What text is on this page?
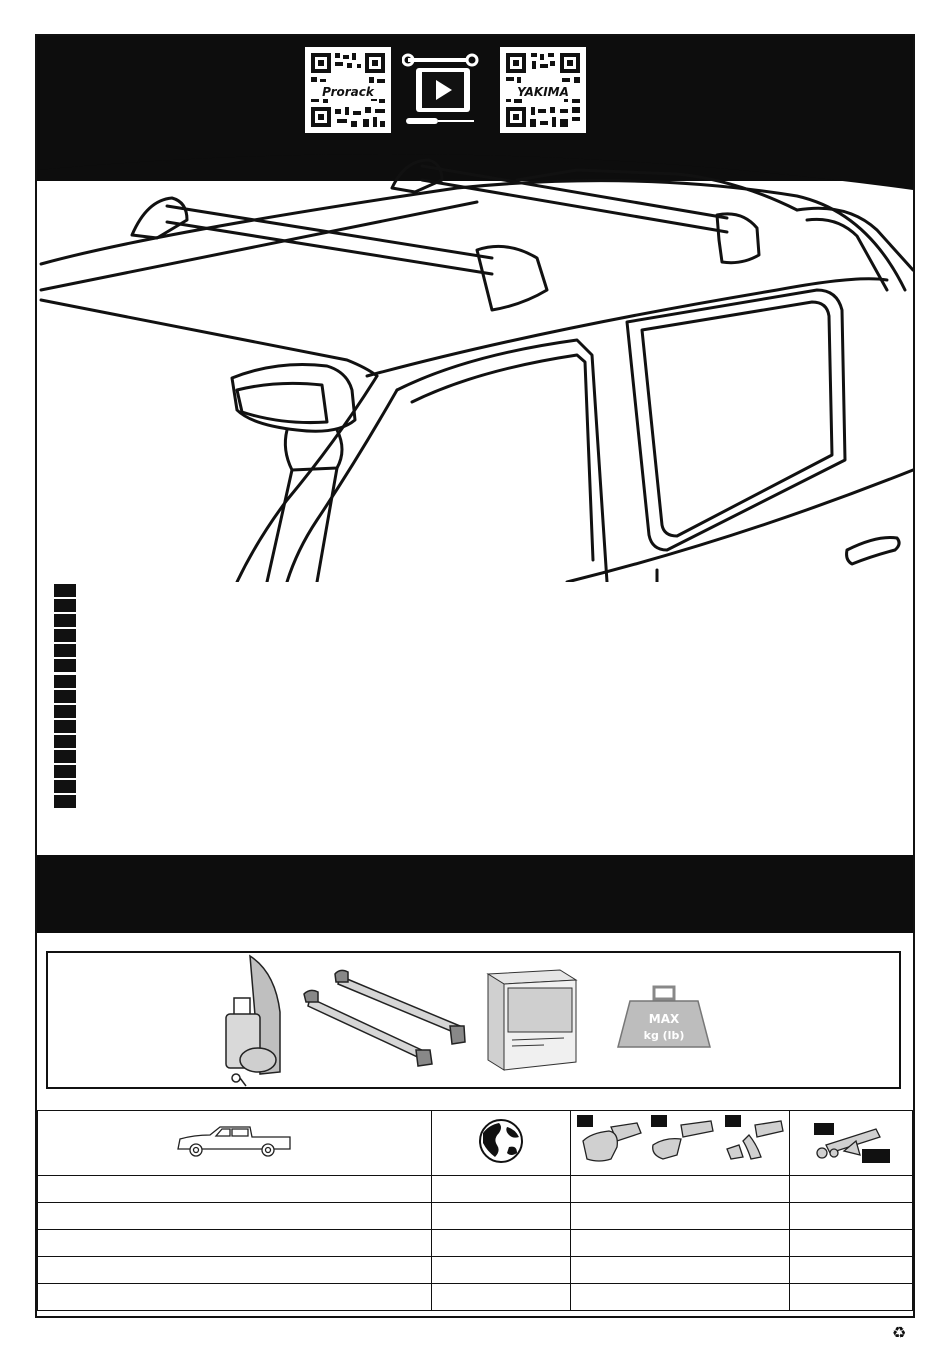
Prorack	YAKIMA
MAX
kg (lb)

♻
